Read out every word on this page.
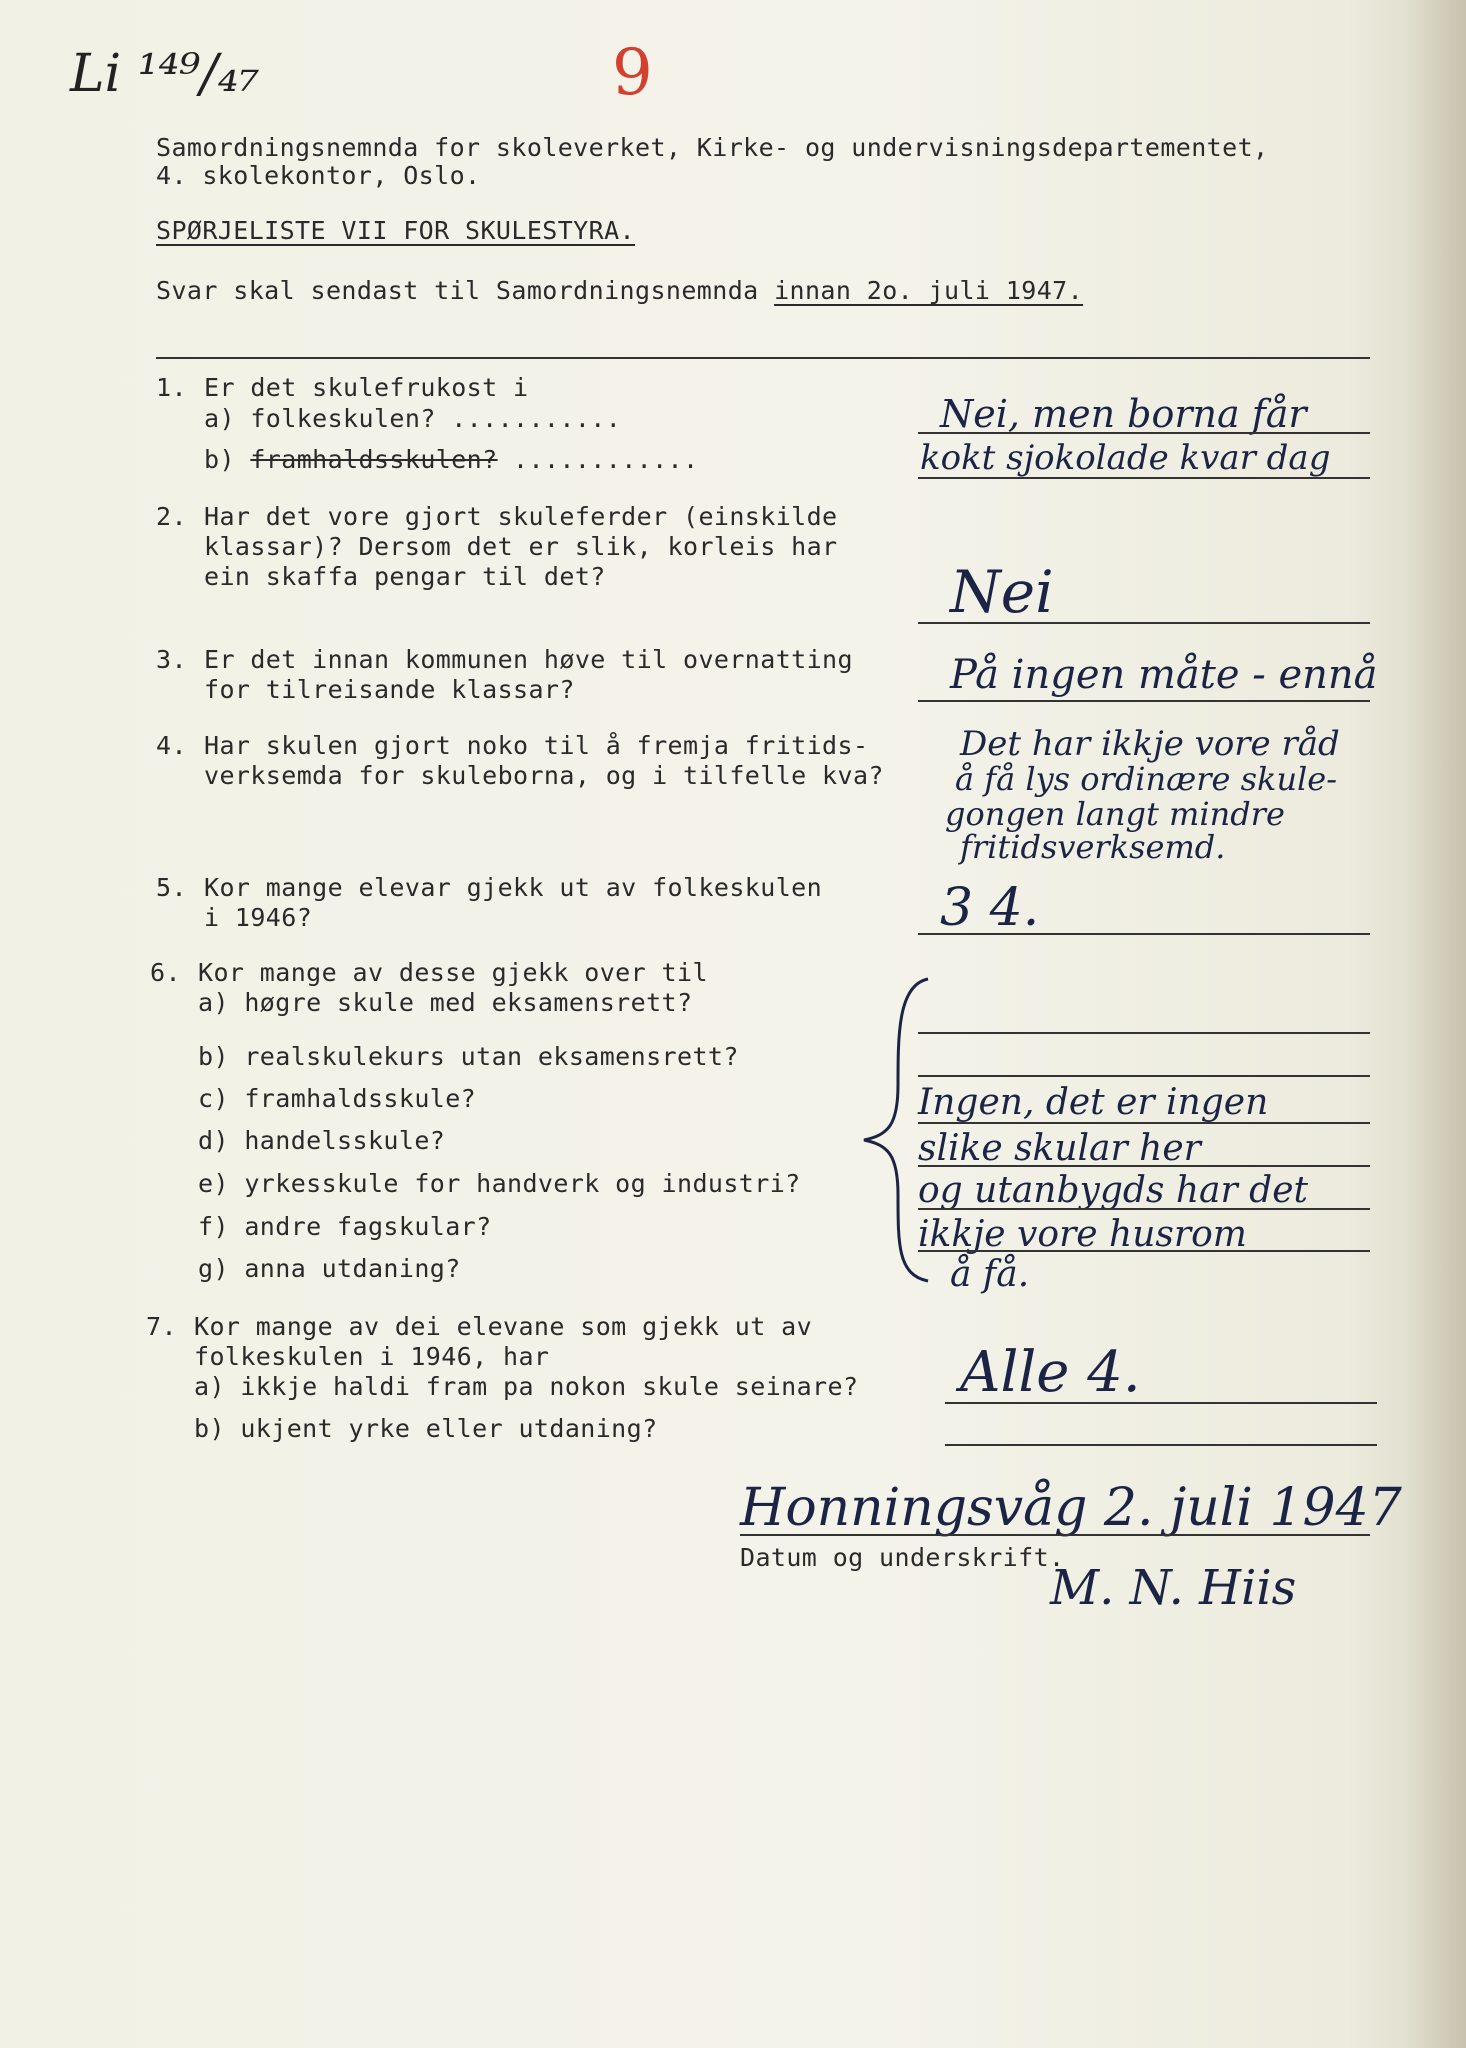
Li ¹⁴⁹/₄₇	9
Samordningsnemnda for skoleverket, Kirke- og undervisningsdepartementet,
4. skolekontor, Oslo.
SPØRJELISTE VII FOR SKULESTYRA.
Svar skal sendast til Samordningsnemnda innan 2o. juli 1947.
1. Er det skulefrukost i
a) folkeskulen? ...........
b) framhaldsskulen? ............
Nei, men borna får
kokt sjokolade kvar dag
2. Har det vore gjort skuleferder (einskilde
klassar)? Dersom det er slik, korleis har
ein skaffa pengar til det?	Nei
3. Er det innan kommunen høve til overnatting
for tilreisande klassar?	På ingen måte - ennå
4. Har skulen gjort noko til å fremja fritids-
verksemda for skuleborna, og i tilfelle kva?
Det har ikkje vore råd
å få lys ordinære skule-
gongen langt mindre
fritidsverksemd.
5. Kor mange elevar gjekk ut av folkeskulen
i 1946?	3 4.
6. Kor mange av desse gjekk over til
a) høgre skule med eksamensrett?
b) realskulekurs utan eksamensrett?
c) framhaldsskule?
d) handelsskule?
e) yrkesskule for handverk og industri?
f) andre fagskular?
g) anna utdaning?
Ingen, det er ingen
slike skular her
og utanbygds har det
ikkje vore husrom
å få.
7. Kor mange av dei elevane som gjekk ut av
folkeskulen i 1946, har
a) ikkje haldi fram pa nokon skule seinare?
b) ukjent yrke eller utdaning?
Alle 4.
Honningsvåg 2. juli 1947
Datum og underskrift.
M. N. Hiis
